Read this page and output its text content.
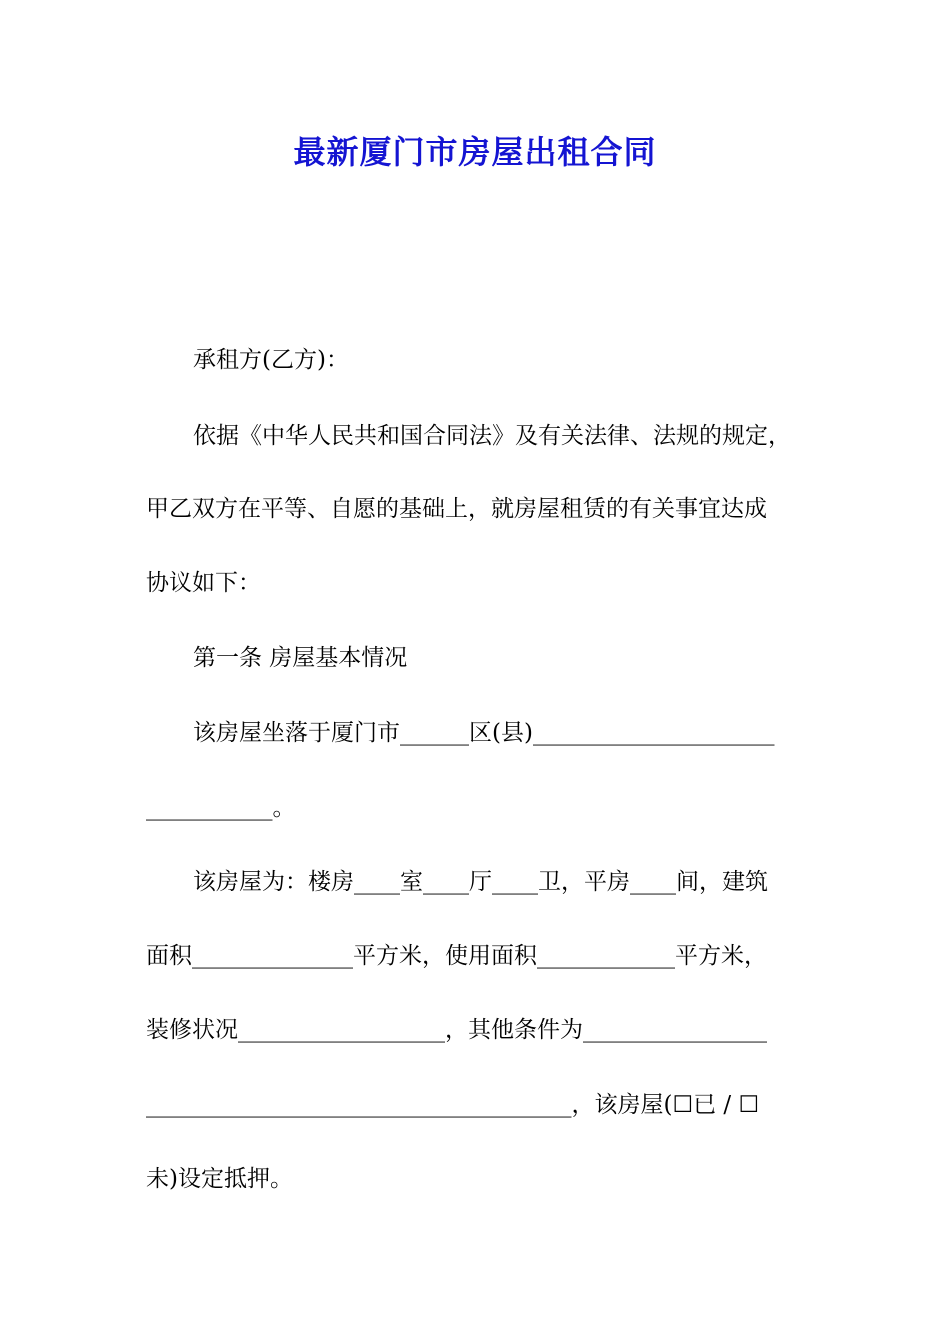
最新厦门市房屋出租合同

承租方(乙方)：

依据《中华人民共和国合同法》及有关法律、法规的规定，

甲乙双方在平等、自愿的基础上，就房屋租赁的有关事宜达成

协议如下：

第一条 房屋基本情况

该房屋坐落于厦门市______区(县)_____________________

___________。

该房屋为：楼房____室____厅____卫，平房____间，建筑

面积______________平方米，使用面积____________平方米，

装修状况__________________，其他条件为________________

_____________________________________，该房屋(☐已 / ☐

未)设定抵押。
